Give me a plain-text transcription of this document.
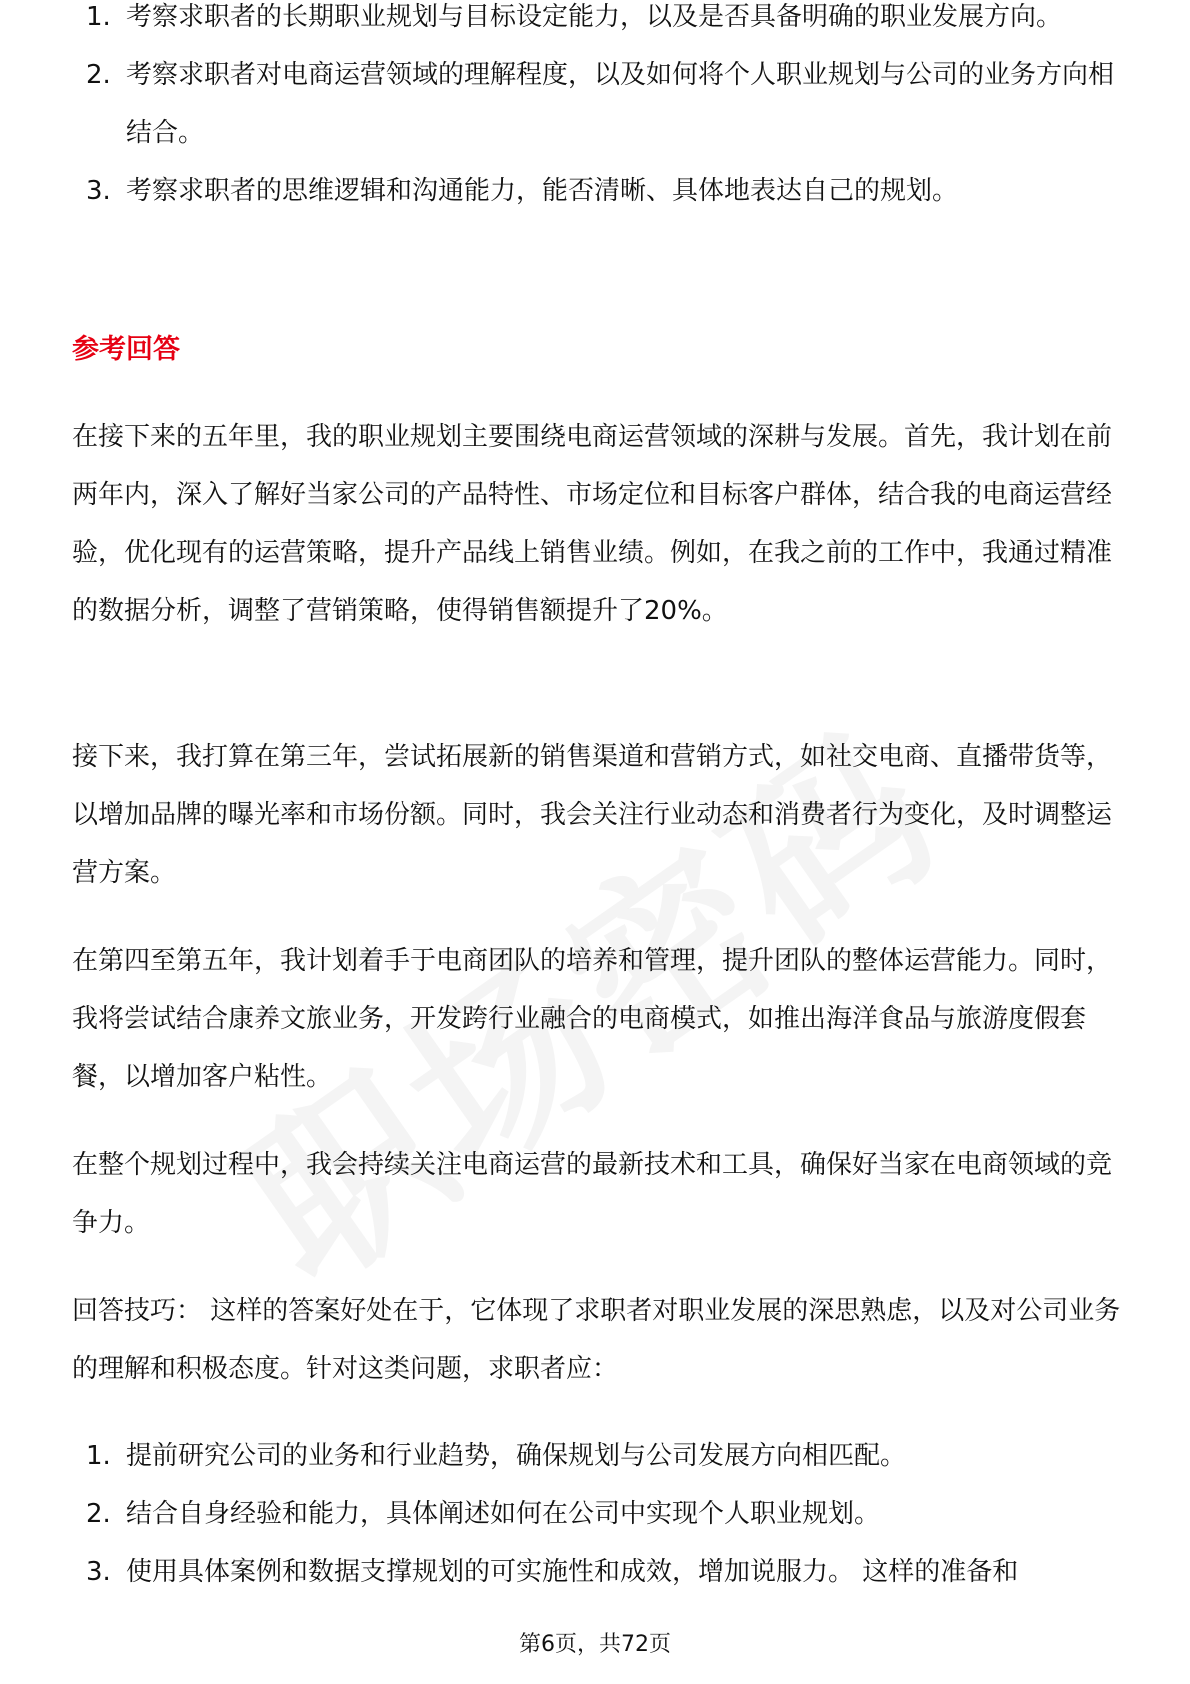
1. 考察求职者的长期职业规划与目标设定能力，以及是否具备明确的职业发展方向。
2. 考察求职者对电商运营领域的理解程度，以及如何将个人职业规划与公司的业务方向相结合。
3. 考察求职者的思维逻辑和沟通能力，能否清晰、具体地表达自己的规划。
参考回答
在接下来的五年里，我的职业规划主要围绕电商运营领域的深耕与发展。首先，我计划在前两年内，深入了解好当家公司的产品特性、市场定位和目标客户群体，结合我的电商运营经验，优化现有的运营策略，提升产品线上销售业绩。例如，在我之前的工作中，我通过精准的数据分析，调整了营销策略，使得销售额提升了20%。
接下来，我打算在第三年，尝试拓展新的销售渠道和营销方式，如社交电商、直播带货等，以增加品牌的曝光率和市场份额。同时，我会关注行业动态和消费者行为变化，及时调整运营方案。
在第四至第五年，我计划着手于电商团队的培养和管理，提升团队的整体运营能力。同时，我将尝试结合康养文旅业务，开发跨行业融合的电商模式，如推出海洋食品与旅游度假套餐，以增加客户粘性。
在整个规划过程中，我会持续关注电商运营的最新技术和工具，确保好当家在电商领域的竞争力。
回答技巧： 这样的答案好处在于，它体现了求职者对职业发展的深思熟虑，以及对公司业务的理解和积极态度。针对这类问题，求职者应：
1. 提前研究公司的业务和行业趋势，确保规划与公司发展方向相匹配。
2. 结合自身经验和能力，具体阐述如何在公司中实现个人职业规划。
3. 使用具体案例和数据支撑规划的可实施性和成效，增加说服力。 这样的准备和
第6页，共72页
